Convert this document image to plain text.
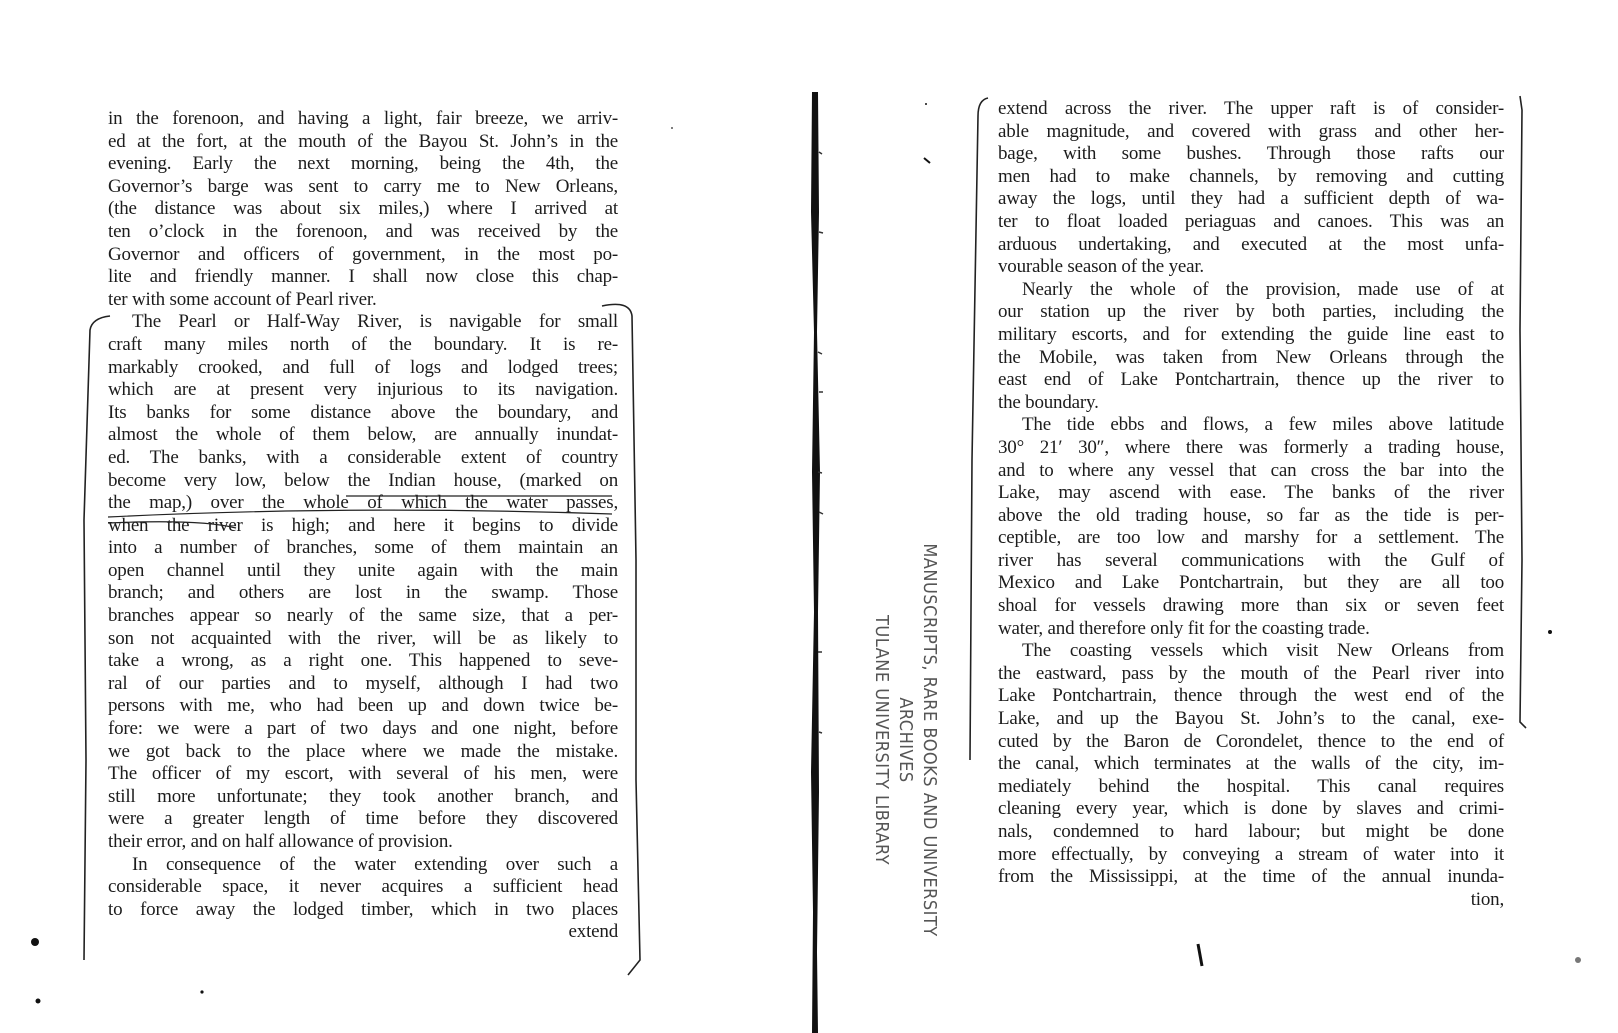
in the forenoon, and having a light, fair breeze, we arriv-
ed at the fort, at the mouth of the Bayou St. John’s in the
evening. Early the next morning, being the 4th, the
Governor’s barge was sent to carry me to New Orleans,
(the distance was about six miles,) where I arrived at
ten o’clock in the forenoon, and was received by the
Governor and officers of government, in the most po-
lite and friendly manner. I shall now close this chap-
ter with some account of Pearl river.
The Pearl or Half-Way River, is navigable for small
craft many miles north of the boundary. It is re-
markably crooked, and full of logs and lodged trees;
which are at present very injurious to its navigation.
Its banks for some distance above the boundary, and
almost the whole of them below, are annually inundat-
ed. The banks, with a considerable extent of country
become very low, below the Indian house, (marked on
the map,) over the whole of which the water passes,
when the river is high; and here it begins to divide
into a number of branches, some of them maintain an
open channel until they unite again with the main
branch; and others are lost in the swamp. Those
branches appear so nearly of the same size, that a per-
son not acquainted with the river, will be as likely to
take a wrong, as a right one. This happened to seve-
ral of our parties and to myself, although I had two
persons with me, who had been up and down twice be-
fore: we were a part of two days and one night, before
we got back to the place where we made the mistake.
The officer of my escort, with several of his men, were
still more unfortunate; they took another branch, and
were a greater length of time before they discovered
their error, and on half allowance of provision.
In consequence of the water extending over such a
considerable space, it never acquires a sufficient head
to force away the lodged timber, which in two places
extend
extend across the river. The upper raft is of consider-
able magnitude, and covered with grass and other her-
bage, with some bushes. Through those rafts our
men had to make channels, by removing and cutting
away the logs, until they had a sufficient depth of wa-
ter to float loaded periaguas and canoes. This was an
arduous undertaking, and executed at the most unfa-
vourable season of the year.
Nearly the whole of the provision, made use of at
our station up the river by both parties, including the
military escorts, and for extending the guide line east to
the Mobile, was taken from New Orleans through the
east end of Lake Pontchartrain, thence up the river to
the boundary.
The tide ebbs and flows, a few miles above latitude
30° 21′ 30″, where there was formerly a trading house,
and to where any vessel that can cross the bar into the
Lake, may ascend with ease. The banks of the river
above the old trading house, so far as the tide is per-
ceptible, are too low and marshy for a settlement. The
river has several communications with the Gulf of
Mexico and Lake Pontchartrain, but they are all too
shoal for vessels drawing more than six or seven feet
water, and therefore only fit for the coasting trade.
The coasting vessels which visit New Orleans from
the eastward, pass by the mouth of the Pearl river into
Lake Pontchartrain, thence through the west end of the
Lake, and up the Bayou St. John’s to the canal, exe-
cuted by the Baron de Corondelet, thence to the end of
the canal, which terminates at the walls of the city, im-
mediately behind the hospital. This canal requires
cleaning every year, which is done by slaves and crimi-
nals, condemned to hard labour; but might be done
more effectually, by conveying a stream of water into it
from the Mississippi, at the time of the annual inunda-
tion,
MANUSCRIPTS, RARE BOOKS AND UNIVERSITY ARCHIVES
TULANE UNIVERSITY LIBRARY
